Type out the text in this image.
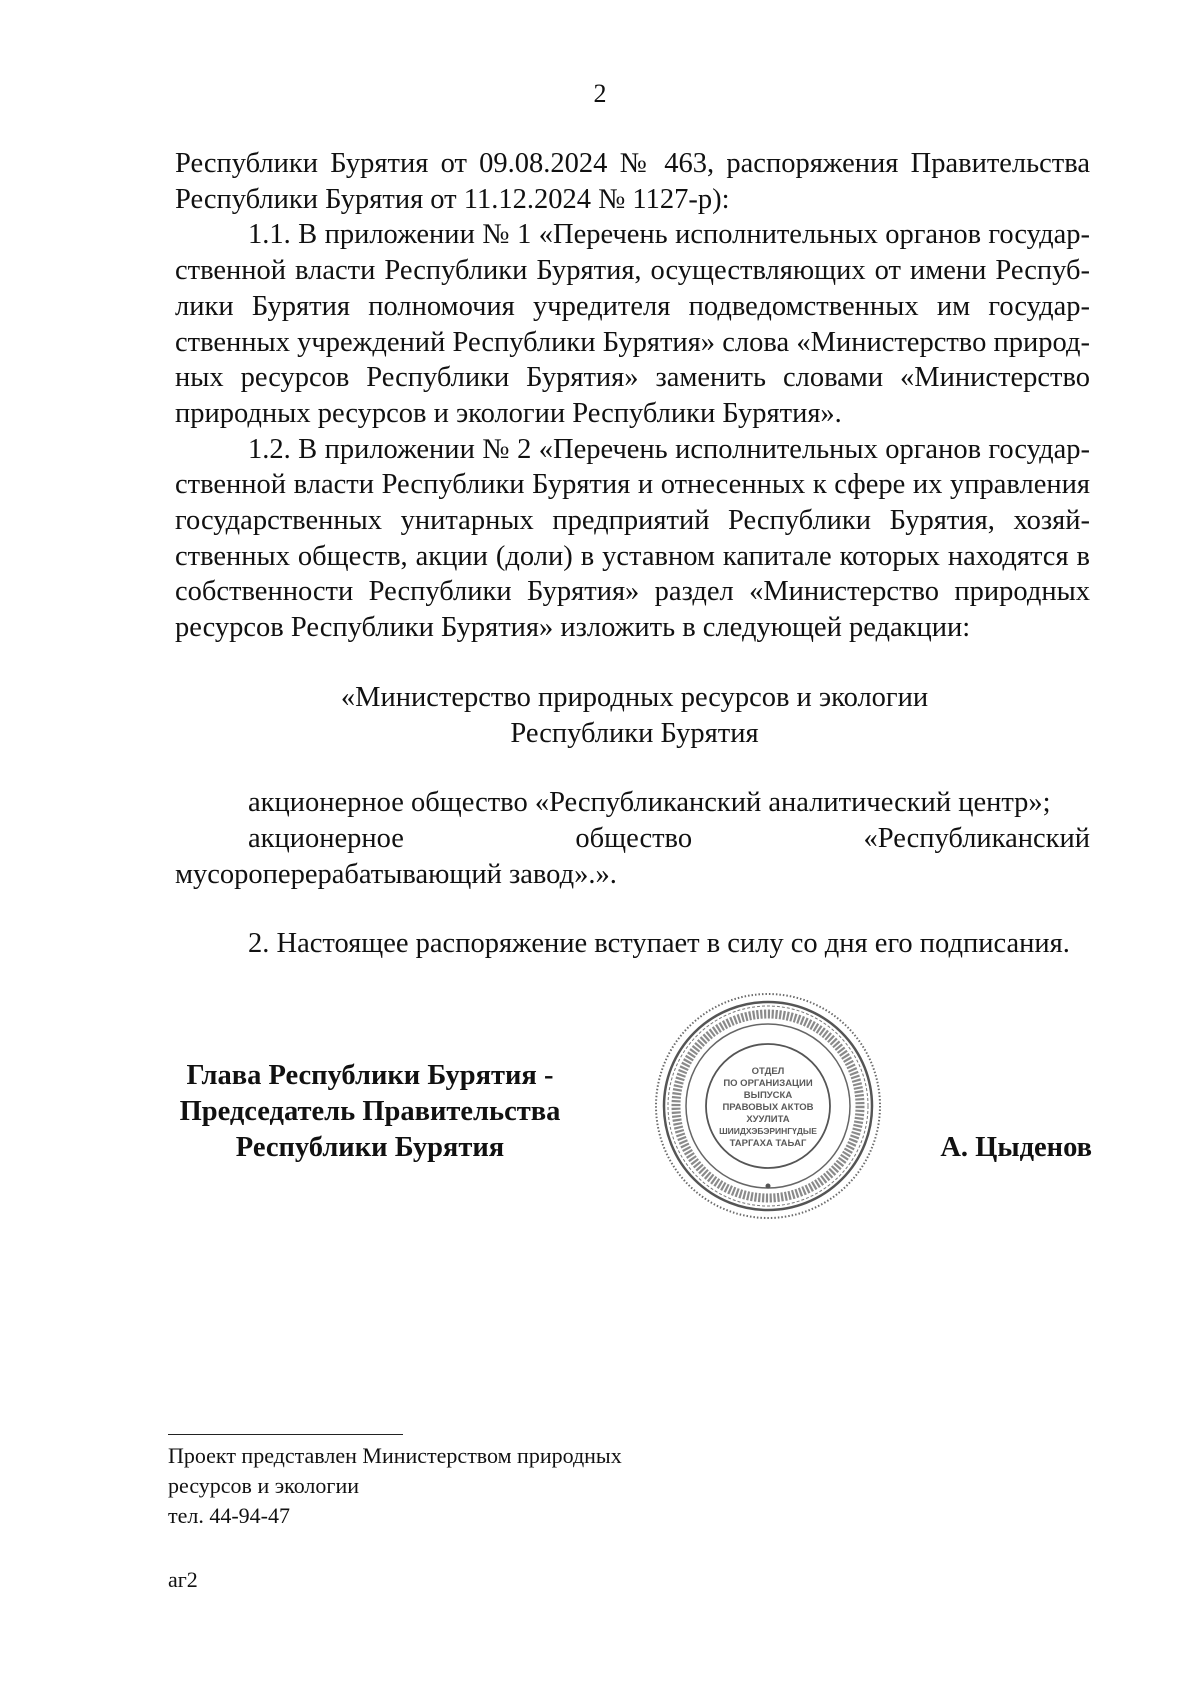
2

Республики Бурятия от 09.08.2024 № 463, распоряжения Правительства Республики Бурятия от 11.12.2024 № 1127-р):

1.1. В приложении № 1 «Перечень исполнительных органов государственной власти Республики Бурятия, осуществляющих от имени Республики Бурятия полномочия учредителя подведомственных им государственных учреждений Республики Бурятия» слова «Министерство природных ресурсов Республики Бурятия» заменить словами «Министерство природных ресурсов и экологии Республики Бурятия».

1.2. В приложении № 2 «Перечень исполнительных органов государственной власти Республики Бурятия и отнесенных к сфере их управления государственных унитарных предприятий Республики Бурятия, хозяйственных обществ, акции (доли) в уставном капитале которых находятся в собственности Республики Бурятия» раздел «Министерство природных ресурсов Республики Бурятия» изложить в следующей редакции:

«Министерство природных ресурсов и экологии
Республики Бурятия

акционерное общество «Республиканский аналитический центр»;

акционерное общество «Республиканский мусороперерабатывающий завод».».

2. Настоящее распоряжение вступает в силу со дня его подписания.

Глава Республики Бурятия -
Председатель Правительства
Республики Бурятия
ОТДЕЛ
ПО ОРГАНИЗАЦИИ
ВЫПУСКА
ПРАВОВЫХ АКТОВ
ХУУЛИТА
ШИИДХЭБЭРИНГҮДЫЕ
ТАРГАХА ТАЬАГ	А. Цыденов
Проект представлен Министерством природных
ресурсов и экологии
тел. 44-94-47
аг2
